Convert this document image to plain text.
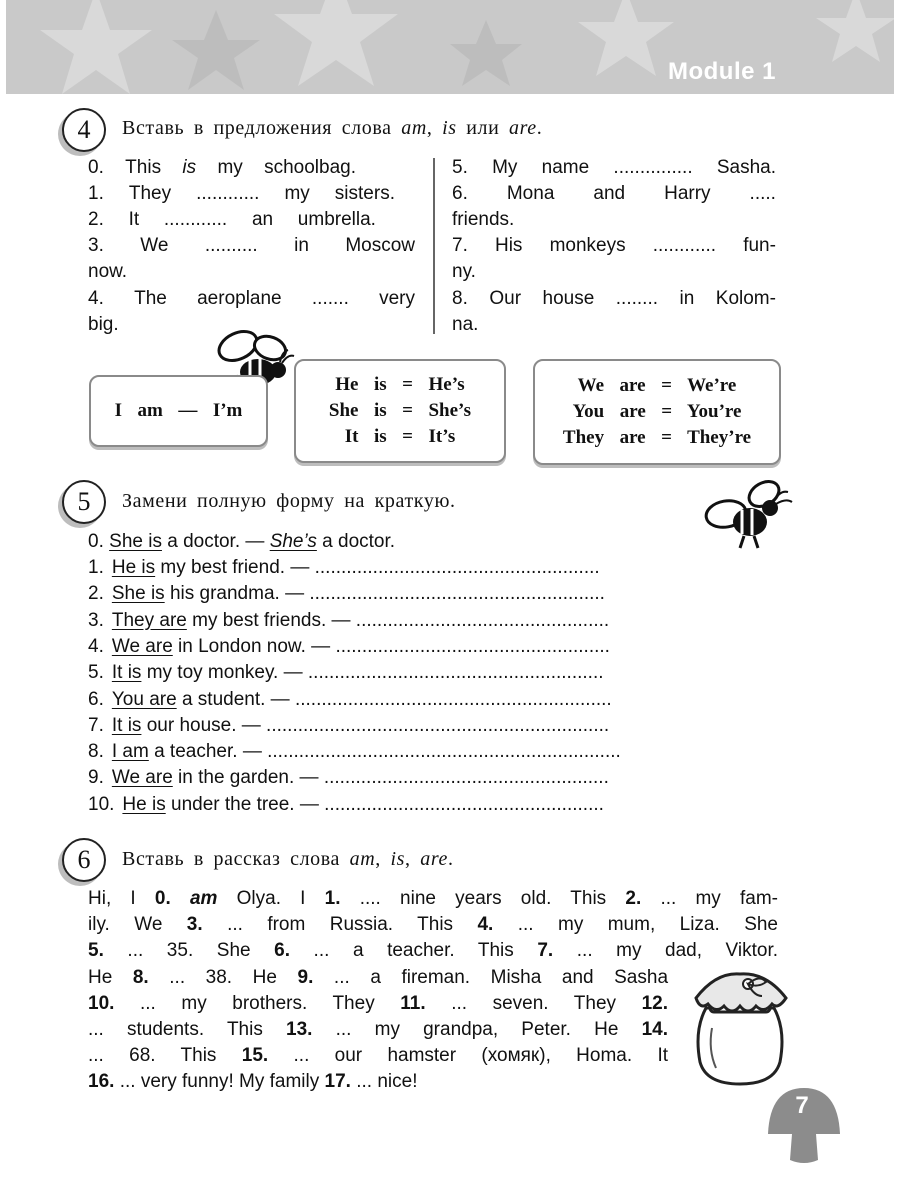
Module 1
4	Вставь в предложения слова am, is или are.
0. This is my schoolbag.
1. They ............ my sisters.
2. It ............ an umbrella.
3. We .......... in Moscow
now.
4. The aeroplane ....... very
big.
5. My name ............... Sasha.
6. Mona and Harry .....
friends.
7. His monkeys ............ fun-
ny.
8. Our house ........ in Kolom-
na.
I  am  —  I’m
He  is  =  He’s
She  is  =  She’s
It  is  =  It’s
We  are  =  We’re
You  are  =  You’re
They  are  =  They’re
5	Замени полную форму на краткую.
0. She is a doctor. — She’s a doctor.
1. He is my best friend. — ......................................................
2. She is his grandma. — ........................................................
3. They are my best friends. — ................................................
4. We are in London now. — ....................................................
5. It is my toy monkey. — ........................................................
6. You are a student. — ............................................................
7. It is our house. — .................................................................
8. I am a teacher. — ...................................................................
9. We are in the garden. — ......................................................
10. He is under the tree. — .....................................................
6	Вставь в рассказ слова am, is, are.
Hi, I 0. am Olya. I 1. .... nine years old. This 2. ... my fam-
ily. We 3. ... from Russia. This 4. ... my mum, Liza. She
5. ... 35. She 6. ... a teacher. This 7. ... my dad, Viktor.
He 8. ... 38. He 9. ... a fireman. Misha and Sasha
10. ... my brothers. They 11. ... seven. They 12.
... students. This 13. ... my grandpa, Peter. He 14.
... 68. This 15. ... our hamster (хомяк), Homa. It
16. ... very funny! My family 17. ... nice!
7
